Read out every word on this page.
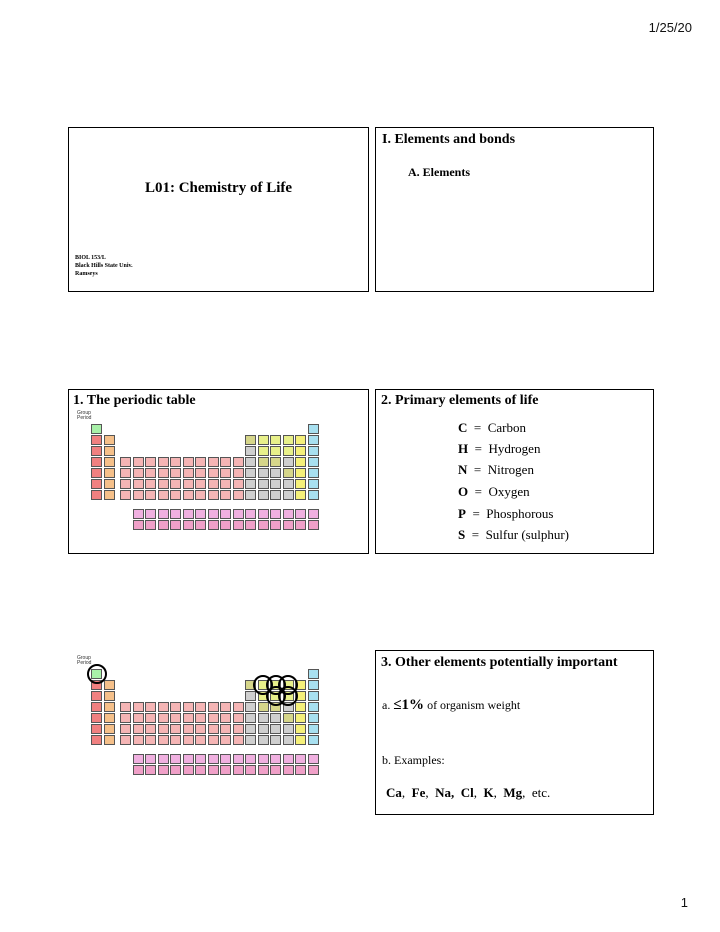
1/25/20
1
L01: Chemistry of Life
BIOL 153/L
Black Hills State Univ.
Ramseys
I. Elements and bonds
A. Elements
1. The periodic table
Group
Period
2. Primary elements of life
C = Carbon
H = Hydrogen
N = Nitrogen
O = Oxygen
P = Phosphorous
S = Sulfur (sulphur)
Group
Period	3. Other elements potentially important
a. ≤1% of organism weight
b. Examples:
Ca,  Fe,  Na, Cl,  K,  Mg,  etc.
